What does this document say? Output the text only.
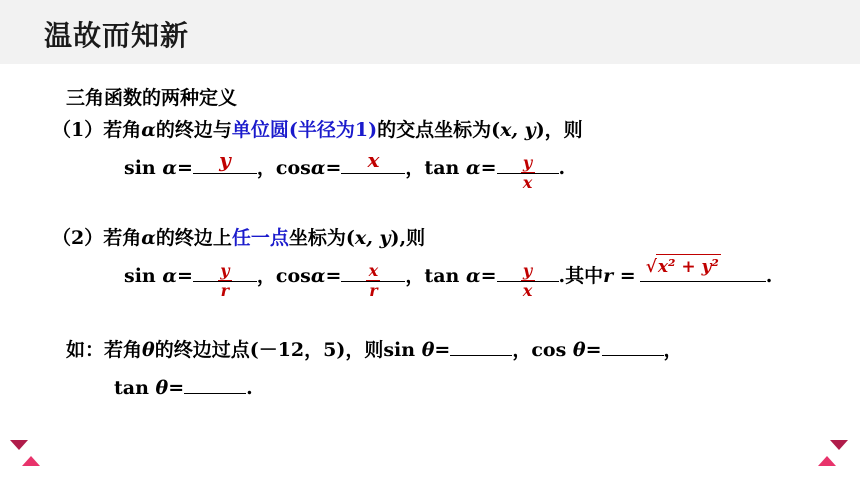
温故而知新
三角函数的两种定义
（1）若角α的终边与单位圆(半径为1)的交点坐标为(x, y)，则
sin α=	y	，cosα=	x	，tan α= y
x
.
（2）若角α的终边上任一点坐标为(x, y),则
sin α= y
r
，cosα= x
r
，tan α= y
x
.其中r = √x² + y² .
如：若角θ的终边过点(－12，5)，则sin θ=	，cos θ=	，
tan θ=	.
